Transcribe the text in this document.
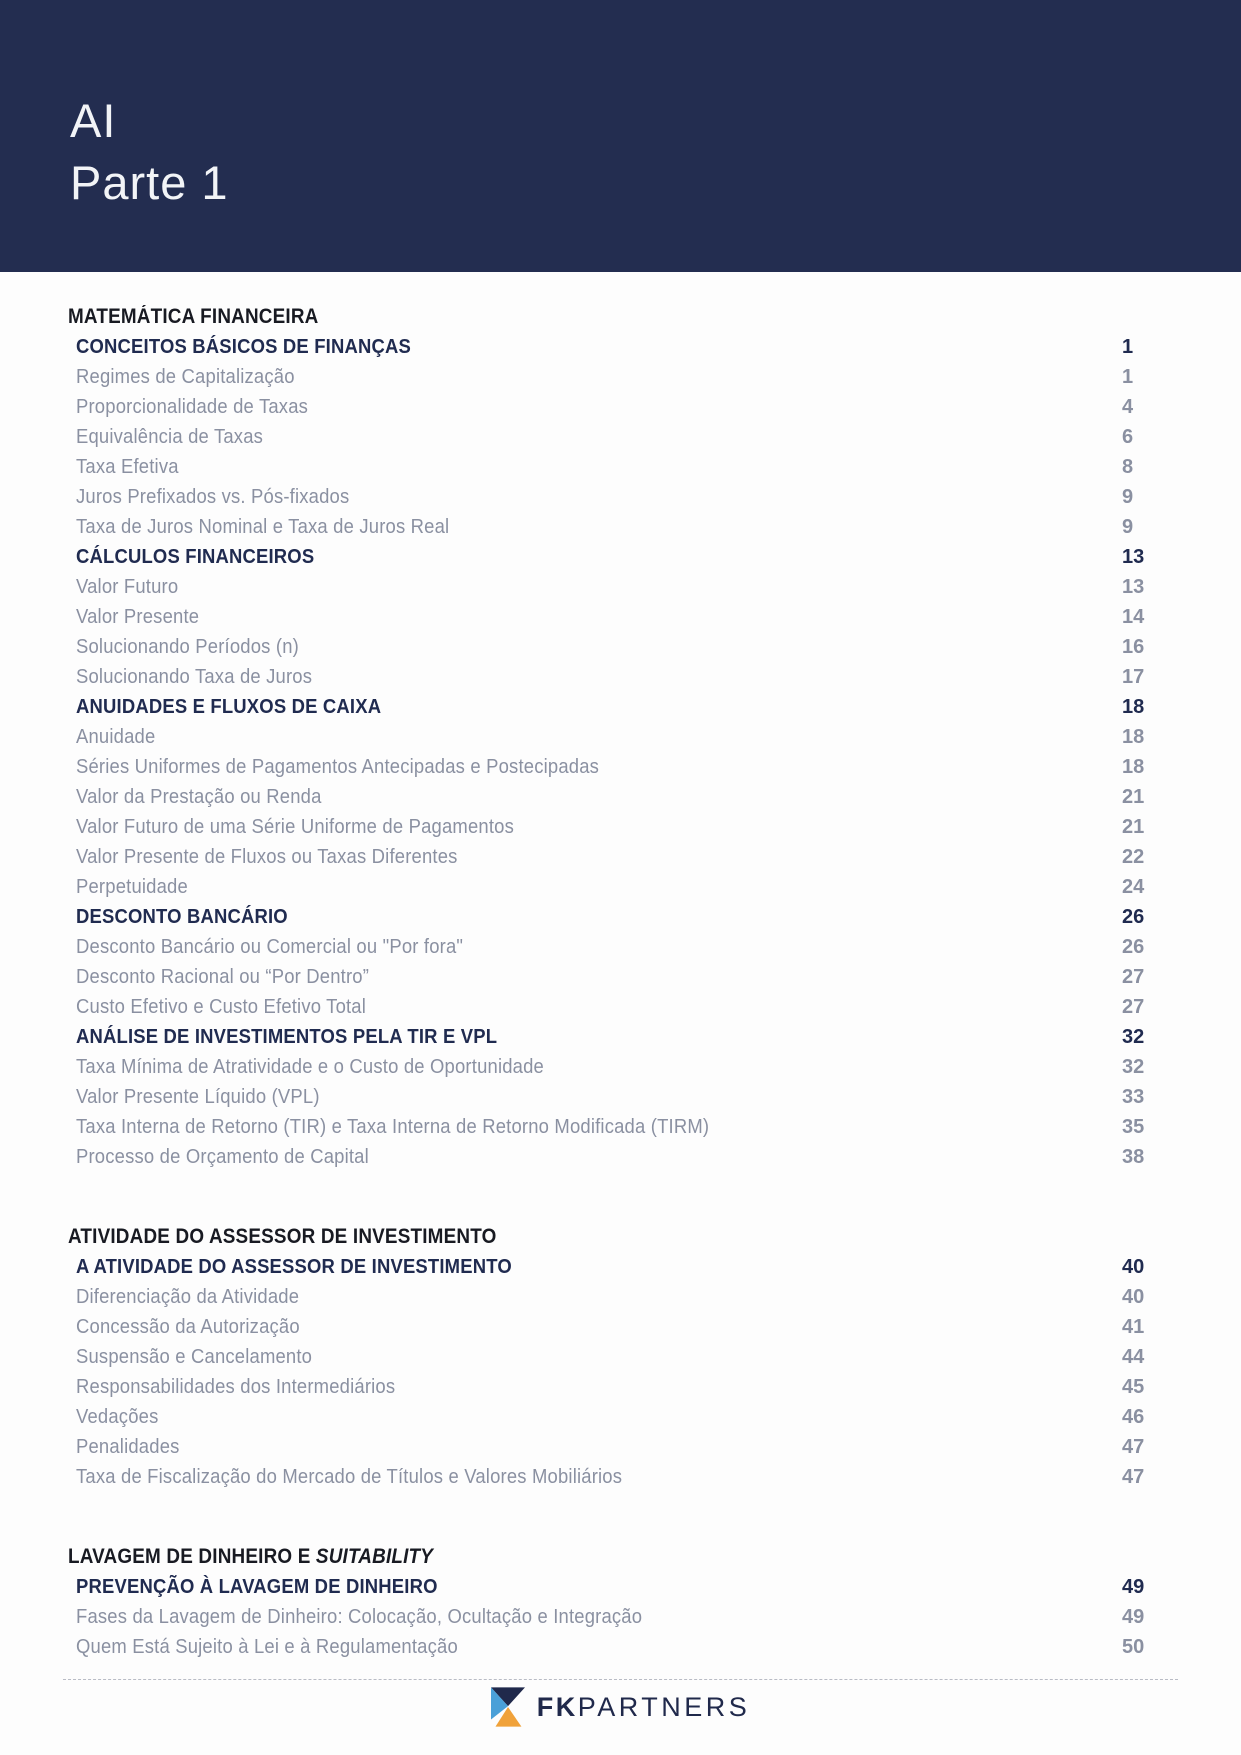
AI
Parte 1
MATEMÁTICA FINANCEIRA
CONCEITOS BÁSICOS DE FINANÇAS	1
Regimes de Capitalização	1
Proporcionalidade de Taxas	4
Equivalência de Taxas	6
Taxa Efetiva	8
Juros Prefixados vs. Pós-fixados	9
Taxa de Juros Nominal e Taxa de Juros Real	9
CÁLCULOS FINANCEIROS	13
Valor Futuro	13
Valor Presente	14
Solucionando Períodos (n)	16
Solucionando Taxa de Juros	17
ANUIDADES E FLUXOS DE CAIXA	18
Anuidade	18
Séries Uniformes de Pagamentos Antecipadas e Postecipadas	18
Valor da Prestação ou Renda	21
Valor Futuro de uma Série Uniforme de Pagamentos	21
Valor Presente de Fluxos ou Taxas Diferentes	22
Perpetuidade	24
DESCONTO BANCÁRIO	26
Desconto Bancário ou Comercial ou "Por fora"	26
Desconto Racional ou “Por Dentro”	27
Custo Efetivo e Custo Efetivo Total	27
ANÁLISE DE INVESTIMENTOS PELA TIR E VPL	32
Taxa Mínima de Atratividade e o Custo de Oportunidade	32
Valor Presente Líquido (VPL)	33
Taxa Interna de Retorno (TIR) e Taxa Interna de Retorno Modificada (TIRM)	35
Processo de Orçamento de Capital	38
ATIVIDADE DO ASSESSOR DE INVESTIMENTO
A ATIVIDADE DO ASSESSOR DE INVESTIMENTO	40
Diferenciação da Atividade	40
Concessão da Autorização	41
Suspensão e Cancelamento	44
Responsabilidades dos Intermediários	45
Vedações	46
Penalidades	47
Taxa de Fiscalização do Mercado de Títulos e Valores Mobiliários	47
LAVAGEM DE DINHEIRO E SUITABILITY
PREVENÇÃO À LAVAGEM DE DINHEIRO	49
Fases da Lavagem de Dinheiro: Colocação, Ocultação e Integração	49
Quem Está Sujeito à Lei e à Regulamentação	50
FKPARTNERS
